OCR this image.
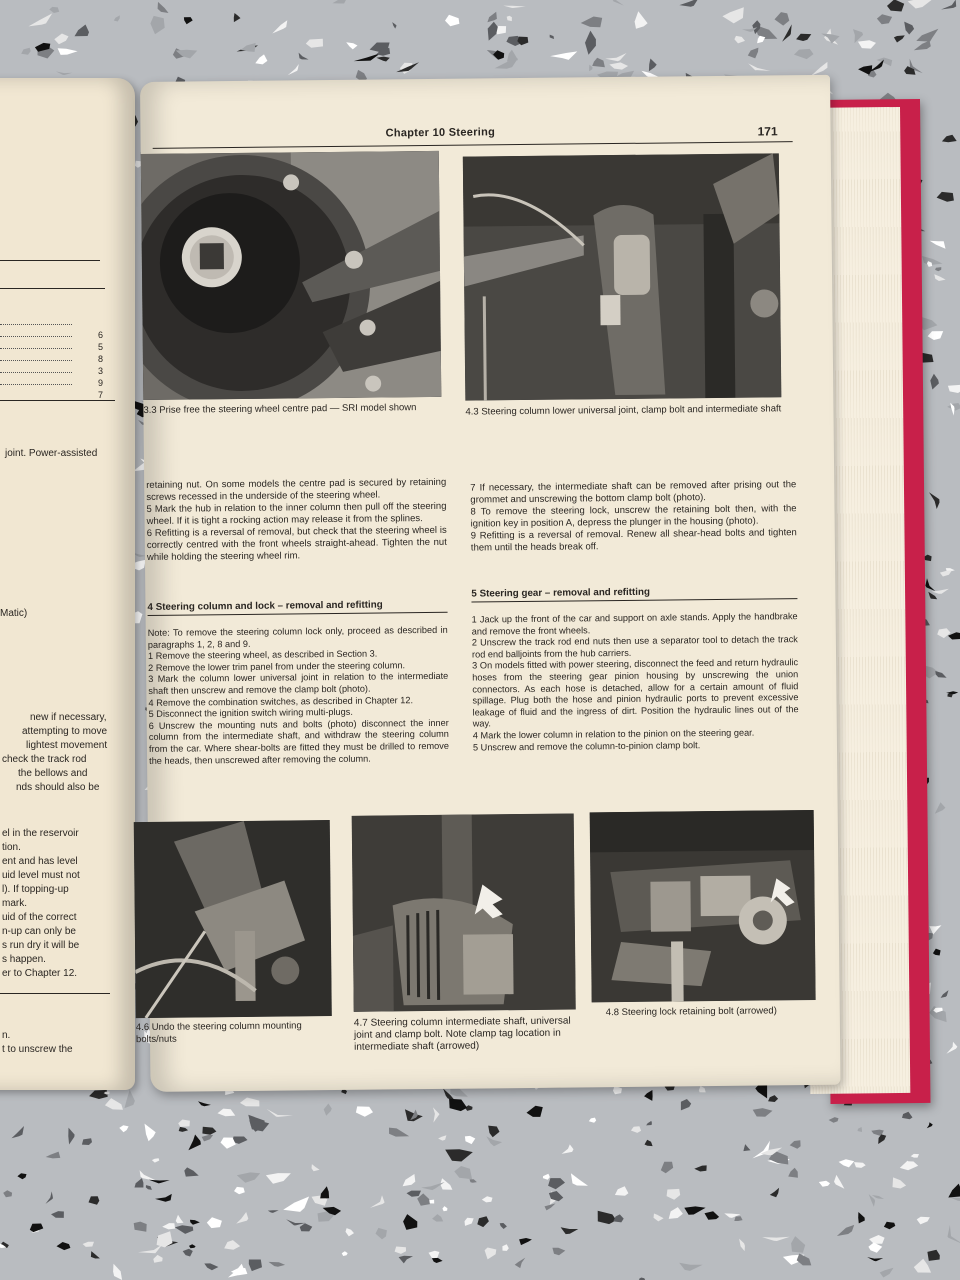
6
5
8
3
9
7
joint. Power-assisted
Matic)
new if necessary,
attempting to move
lightest movement
check the track rod
the bellows and
nds should also be
el in the reservoir
tion.
ent and has level
uid level must not
l). If topping-up
mark.
uid of the correct
n-up can only be
s run dry it will be
s happen.
er to Chapter 12.
n.
t to unscrew the
Chapter 10 Steering	171
3.3 Prise free the steering wheel centre pad — SRI model shown	4.3 Steering column lower universal joint, clamp bolt and intermediate shaft
retaining nut. On some models the centre pad is secured by retaining screws recessed in the underside of the steering wheel.
5 Mark the hub in relation to the inner column then pull off the steering wheel. If it is tight a rocking action may release it from the splines.
6 Refitting is a reversal of removal, but check that the steering wheel is correctly centred with the front wheels straight-ahead. Tighten the nut while holding the steering wheel rim.
4 Steering column and lock – removal and refitting
Note: To remove the steering column lock only, proceed as described in paragraphs 1, 2, 8 and 9.
1 Remove the steering wheel, as described in Section 3.
2 Remove the lower trim panel from under the steering column.
3 Mark the column lower universal joint in relation to the intermediate shaft then unscrew and remove the clamp bolt (photo).
4 Remove the combination switches, as described in Chapter 12.
5 Disconnect the ignition switch wiring multi-plugs.
6 Unscrew the mounting nuts and bolts (photo) disconnect the inner column from the intermediate shaft, and withdraw the steering column from the car. Where shear-bolts are fitted they must be drilled to remove the heads, then unscrewed after removing the column.
7 If necessary, the intermediate shaft can be removed after prising out the grommet and unscrewing the bottom clamp bolt (photo).
8 To remove the steering lock, unscrew the retaining bolt then, with the ignition key in position A, depress the plunger in the housing (photo).
9 Refitting is a reversal of removal. Renew all shear-head bolts and tighten them until the heads break off.
5 Steering gear – removal and refitting
1 Jack up the front of the car and support on axle stands. Apply the handbrake and remove the front wheels.
2 Unscrew the track rod end nuts then use a separator tool to detach the track rod end balljoints from the hub carriers.
3 On models fitted with power steering, disconnect the feed and return hydraulic hoses from the steering gear pinion housing by unscrewing the union connectors. As each hose is detached, allow for a certain amount of fluid spillage. Plug both the hose and pinion hydraulic ports to prevent excessive leakage of fluid and the ingress of dirt. Position the hydraulic lines out of the way.
4 Mark the lower column in relation to the pinion on the steering gear.
5 Unscrew and remove the column-to-pinion clamp bolt.
4.6 Undo the steering column mounting bolts/nuts
4.7 Steering column intermediate shaft, universal joint and clamp bolt. Note clamp tag location in intermediate shaft (arrowed)
4.8 Steering lock retaining bolt (arrowed)
